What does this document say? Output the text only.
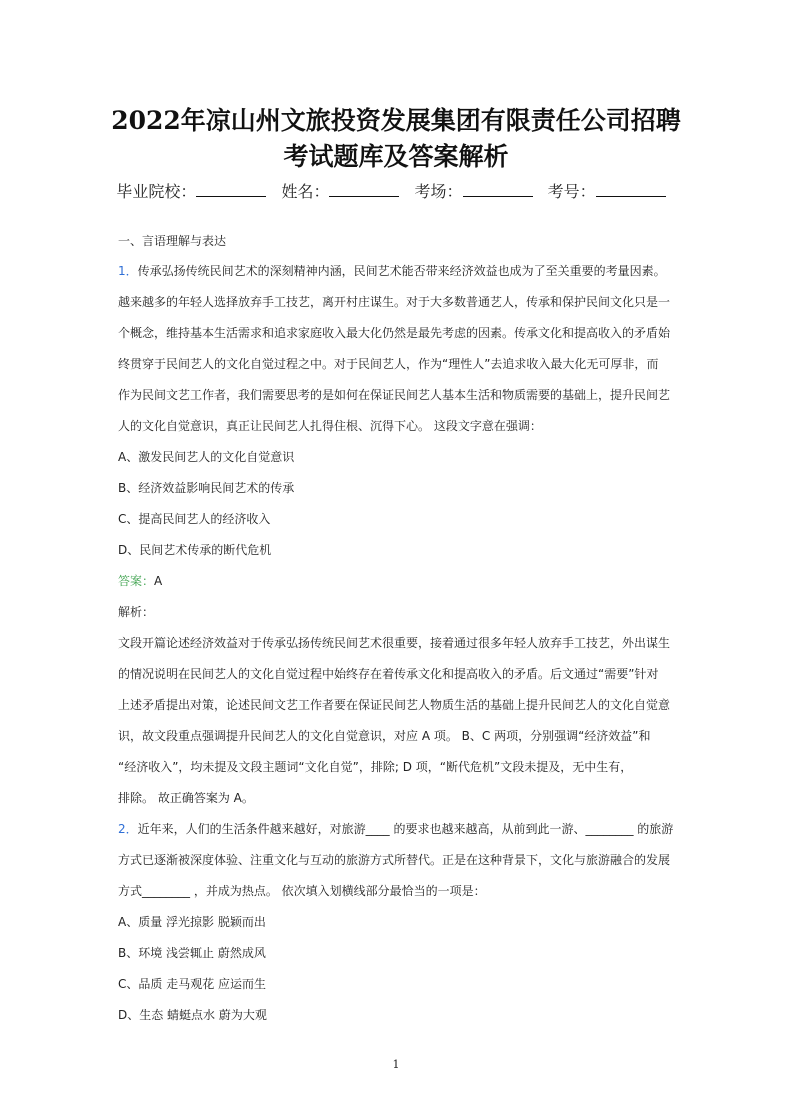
2022年凉山州文旅投资发展集团有限责任公司招聘
考试题库及答案解析
毕业院校：	姓名：	考场：	考号：

一、言语理解与表达

1．传承弘扬传统民间艺术的深刻精神内涵，民间艺术能否带来经济效益也成为了至关重要的考量因素。

越来越多的年轻人选择放弃手工技艺，离开村庄谋生。对于大多数普通艺人，传承和保护民间文化只是一

个概念，维持基本生活需求和追求家庭收入最大化仍然是最先考虑的因素。传承文化和提高收入的矛盾始

终贯穿于民间艺人的文化自觉过程之中。对于民间艺人，作为“理性人”去追求收入最大化无可厚非，而

作为民间文艺工作者，我们需要思考的是如何在保证民间艺人基本生活和物质需要的基础上，提升民间艺

人的文化自觉意识，真正让民间艺人扎得住根、沉得下心。 这段文字意在强调：

A、激发民间艺人的文化自觉意识

B、经济效益影响民间艺术的传承

C、提高民间艺人的经济收入

D、民间艺术传承的断代危机

答案：A

解析：

文段开篇论述经济效益对于传承弘扬传统民间艺术很重要，接着通过很多年轻人放弃手工技艺，外出谋生

的情况说明在民间艺人的文化自觉过程中始终存在着传承文化和提高收入的矛盾。后文通过“需要”针对

上述矛盾提出对策，论述民间文艺工作者要在保证民间艺人物质生活的基础上提升民间艺人的文化自觉意

识，故文段重点强调提升民间艺人的文化自觉意识，对应 A 项。 B、C 两项，分别强调“经济效益”和

“经济收入”，均未提及文段主题词“文化自觉”，排除; D 项，“断代危机”文段未提及，无中生有，

排除。 故正确答案为 A。

2．近年来，人们的生活条件越来越好，对旅游____ 的要求也越来越高，从前到此一游、________ 的旅游

方式已逐渐被深度体验、注重文化与互动的旅游方式所替代。正是在这种背景下，文化与旅游融合的发展

方式________ ，并成为热点。 依次填入划横线部分最恰当的一项是：

A、质量 浮光掠影 脱颖而出

B、环境 浅尝辄止 蔚然成风

C、品质 走马观花 应运而生

D、生态 蜻蜓点水 蔚为大观

1
